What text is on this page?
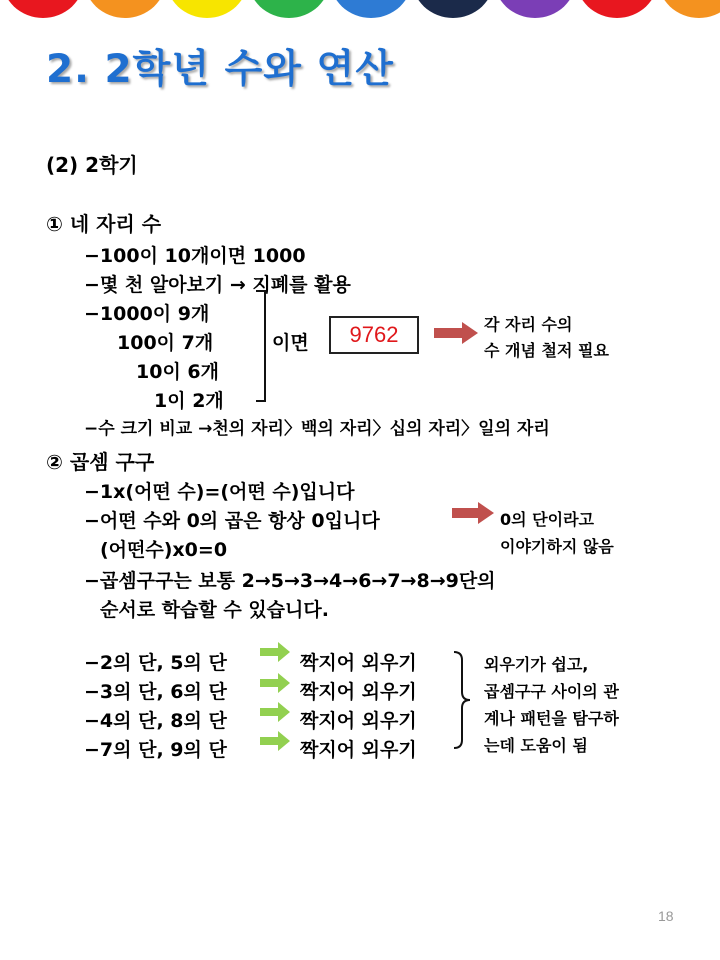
2. 2학년 수와 연산
(2) 2학기
① 네 자리 수
−100이 10개이면 1000
−몇 천 알아보기 → 지폐를 활용
−1000이 9개
100이 7개
10이 6개
1이 2개
이면 9762	각 자리 수의
수 개념 철저 필요
−수 크기 비교 →천의 자리〉백의 자리〉십의 자리〉일의 자리
② 곱셈 구구
−1x(어떤 수)=(어떤 수)입니다
−어떤 수와 0의 곱은 항상 0입니다
(어떤수)x0=0
−곱셈구구는 보통 2→5→3→4→6→7→8→9단의
순서로 학습할 수 있습니다.
0의 단이라고
이야기하지 않음
−2의 단, 5의 단
−3의 단, 6의 단
−4의 단, 8의 단
−7의 단, 9의 단
짝지어 외우기
짝지어 외우기
짝지어 외우기
짝지어 외우기
외우기가 쉽고,
곱셈구구 사이의 관
계나 패턴을 탐구하
는데 도움이 됨
18
